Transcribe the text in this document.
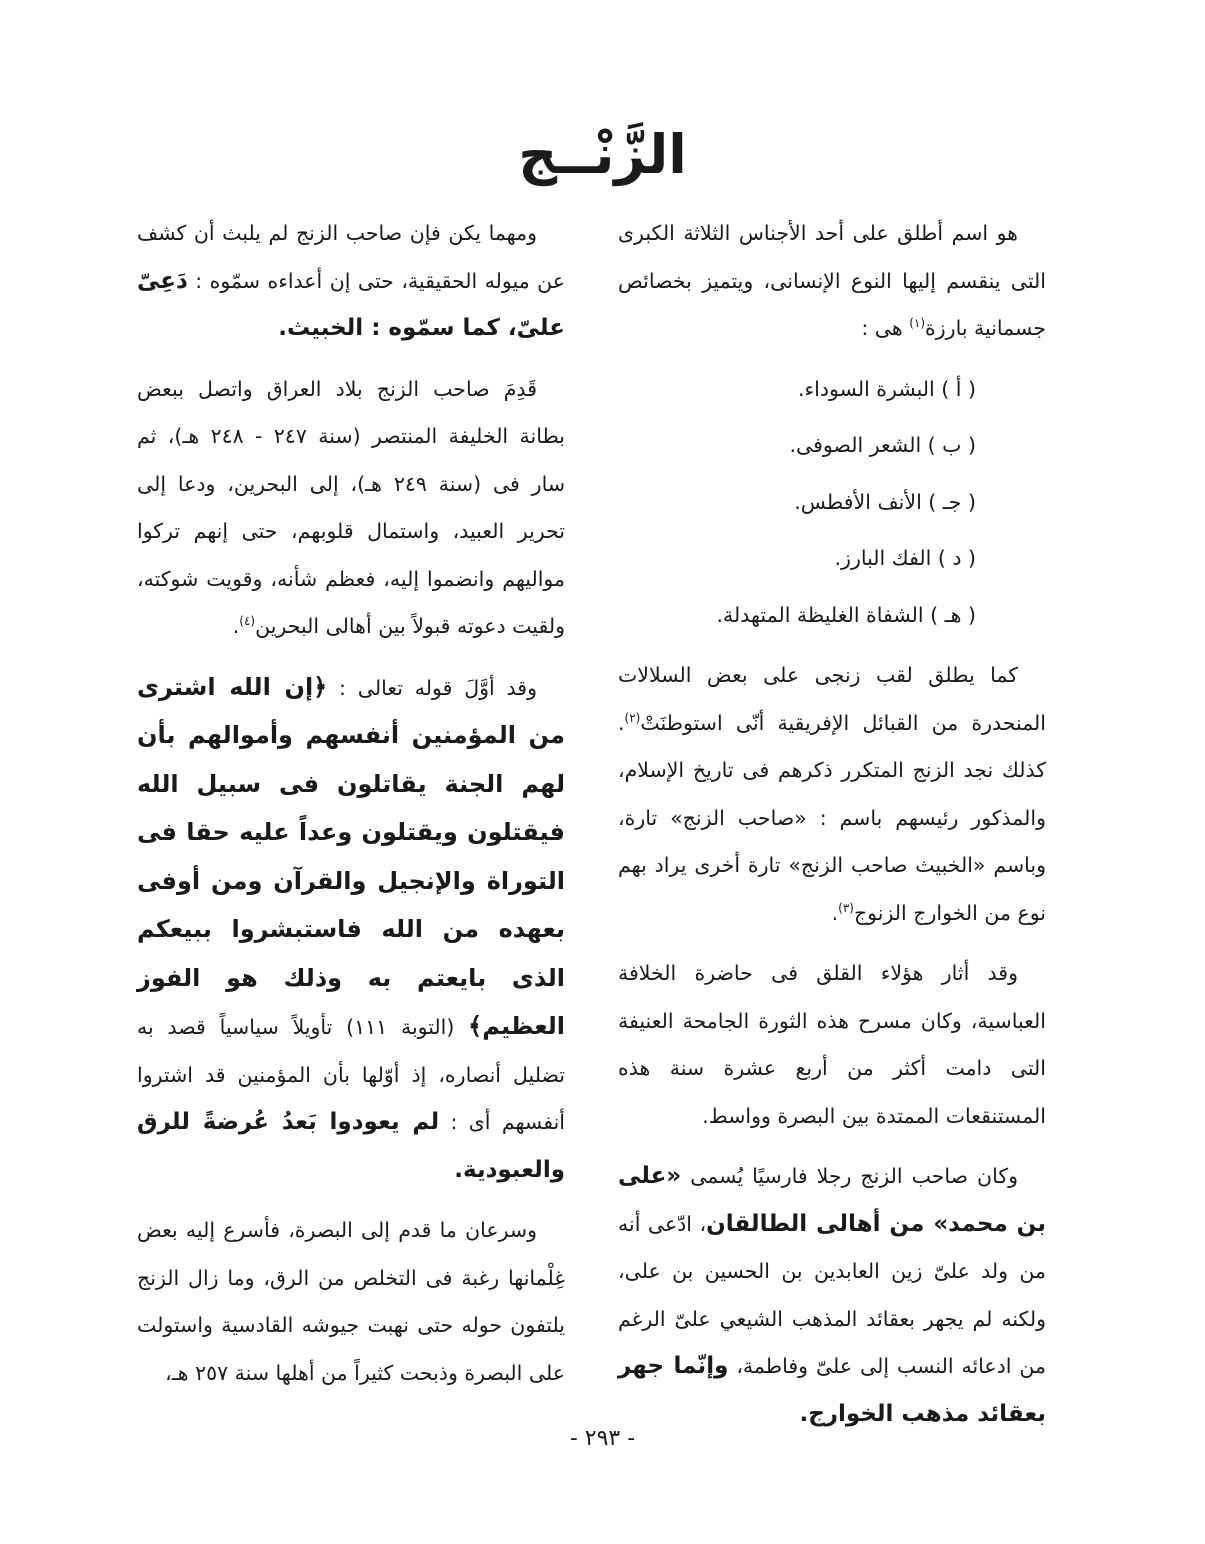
الزَّنْــج

هو اسم أطلق على أحد الأجناس الثلاثة الكبرى التى ينقسم إليها النوع الإنسانى، ويتميز بخصائص جسمانية بارزة$^{(١)}$ هى :

( أ ) البشرة السوداء.

( ب ) الشعر الصوفى.

( جـ ) الأنف الأفطس.

( د ) الفك البارز.

( هـ ) الشفاة الغليظة المتهدلة.

كما يطلق لقب زنجى على بعض السلالات المنحدرة من القبائل الإفريقية أنّى استوطنَتْ$^{(٢)}$. كذلك نجد الزنج المتكرر ذكرهم فى تاريخ الإسلام، والمذكور رئيسهم باسم : «صاحب الزنج» تارة، وباسم «الخبيث صاحب الزنج» تارة أخرى يراد بهم نوع من الخوارج الزنوج$^{(٣)}$.

وقد أثار هؤلاء القلق فى حاضرة الخلافة العباسية، وكان مسرح هذه الثورة الجامحة العنيفة التى دامت أكثر من أربع عشرة سنة هذه المستنقعات الممتدة بين البصرة وواسط.

وكان صاحب الزنج رجلا فارسيًا يُسمى «على بن محمد» من أهالى الطالقان، ادّعى أنه من ولد علىّ زين العابدين بن الحسين بن على، ولكنه لم يجهر بعقائد المذهب الشيعي علىّ الرغم من ادعائه النسب إلى علىّ وفاطمة، وإنّما جهر بعقائد مذهب الخوارج.

ومهما يكن فإن صاحب الزنج لم يلبث أن كشف عن ميوله الحقيقية، حتى إن أعداءه سمّوه : دَعِىّ علىّ، كما سمّوه : الخبيث.

قَدِمَ صاحب الزنج بلاد العراق واتصل ببعض بطانة الخليفة المنتصر (سنة ٢٤٧ - ٢٤٨ هـ)، ثم سار فى (سنة ٢٤٩ هـ)، إلى البحرين، ودعا إلى تحرير العبيد، واستمال قلوبهم، حتى إنهم تركوا مواليهم وانضموا إليه، فعظم شأنه، وقويت شوكته، ولقيت دعوته قبولاً بين أهالى البحرين$^{(٤)}$.

وقد أوَّلَ قوله تعالى : ﴿إن الله اشترى من المؤمنين أنفسهم وأموالهم بأن لهم الجنة يقاتلون فى سبيل الله فيقتلون ويقتلون وعداً عليه حقا فى التوراة والإنجيل والقرآن ومن أوفى بعهده من الله فاستبشروا ببيعكم الذى بايعتم به وذلك هو الفوز العظيم﴾ (التوبة ١١١) تأويلاً سياسياً قصد به تضليل أنصاره، إذ أوّلها بأن المؤمنين قد اشتروا أنفسهم أى : لم يعودوا بَعدُ عُرضةً للرق والعبودية.

وسرعان ما قدم إلى البصرة، فأسرع إليه بعض غِلْمانها رغبة فى التخلص من الرق، وما زال الزنج يلتفون حوله حتى نهبت جيوشه القادسية واستولت على البصرة وذبحت كثيراً من أهلها سنة ٢٥٧ هـ،

- ٢٩٣ -
